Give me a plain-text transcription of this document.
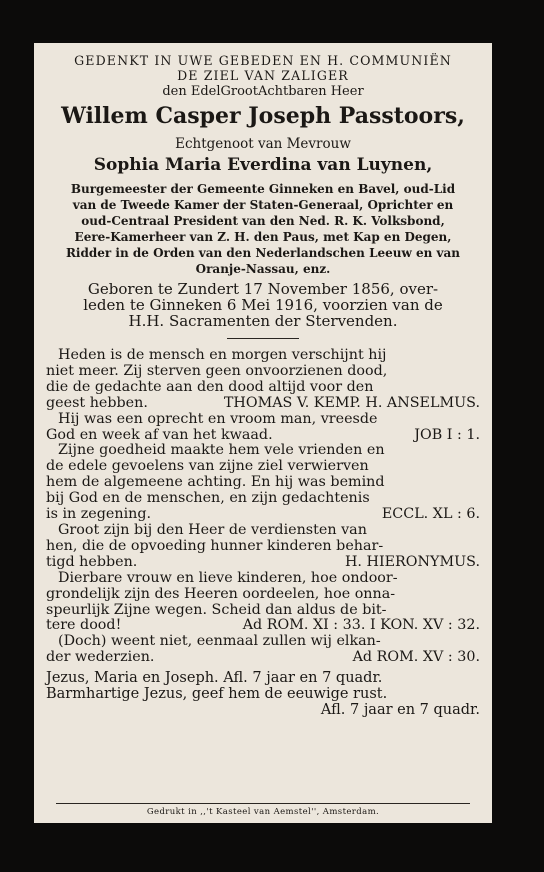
GEDENKT IN UWE GEBEDEN EN H. COMMUNIËN
DE ZIEL VAN ZALIGER
den EdelGrootAchtbaren Heer
Willem Casper Joseph Passtoors,
Echtgenoot van Mevrouw
Sophia Maria Everdina van Luynen,
Burgemeester der Gemeente Ginneken en Bavel, oud-Lid
van de Tweede Kamer der Staten-Generaal, Oprichter en
oud-Centraal President van den Ned. R. K. Volksbond,
Eere-Kamerheer van Z. H. den Paus, met Kap en Degen,
Ridder in de Orden van den Nederlandschen Leeuw en van
Oranje-Nassau, enz.
Geboren te Zundert 17 November 1856, over-
leden te Ginneken 6 Mei 1916, voorzien van de
H.H. Sacramenten der Stervenden.
Heden is de mensch en morgen verschijnt hij
niet meer. Zij sterven geen onvoorzienen dood,
die de gedachte aan den dood altijd voor den
geest hebben.	THOMAS V. KEMP. H. ANSELMUS.
Hij was een oprecht en vroom man, vreesde
God en week af van het kwaad.	JOB I : 1.
Zijne goedheid maakte hem vele vrienden en
de edele gevoelens van zijne ziel verwierven
hem de algemeene achting. En hij was bemind
bij God en de menschen, en zijn gedachtenis
is in zegening.	ECCL. XL : 6.
Groot zijn bij den Heer de verdiensten van
hen, die de opvoeding hunner kinderen behar-
tigd hebben.	H. HIERONYMUS.
Dierbare vrouw en lieve kinderen, hoe ondoor-
grondelijk zijn des Heeren oordeelen, hoe onna-
speurlijk Zijne wegen. Scheid dan aldus de bit-
tere dood!	Ad ROM. XI : 33. I KON. XV : 32.
(Doch) weent niet, eenmaal zullen wij elkan-
der wederzien.	Ad ROM. XV : 30.
Jezus, Maria en Joseph. Afl. 7 jaar en 7 quadr.
Barmhartige Jezus, geef hem de eeuwige rust.
Afl. 7 jaar en 7 quadr.
Gedrukt in ,,'t Kasteel van Aemstel'', Amsterdam.
